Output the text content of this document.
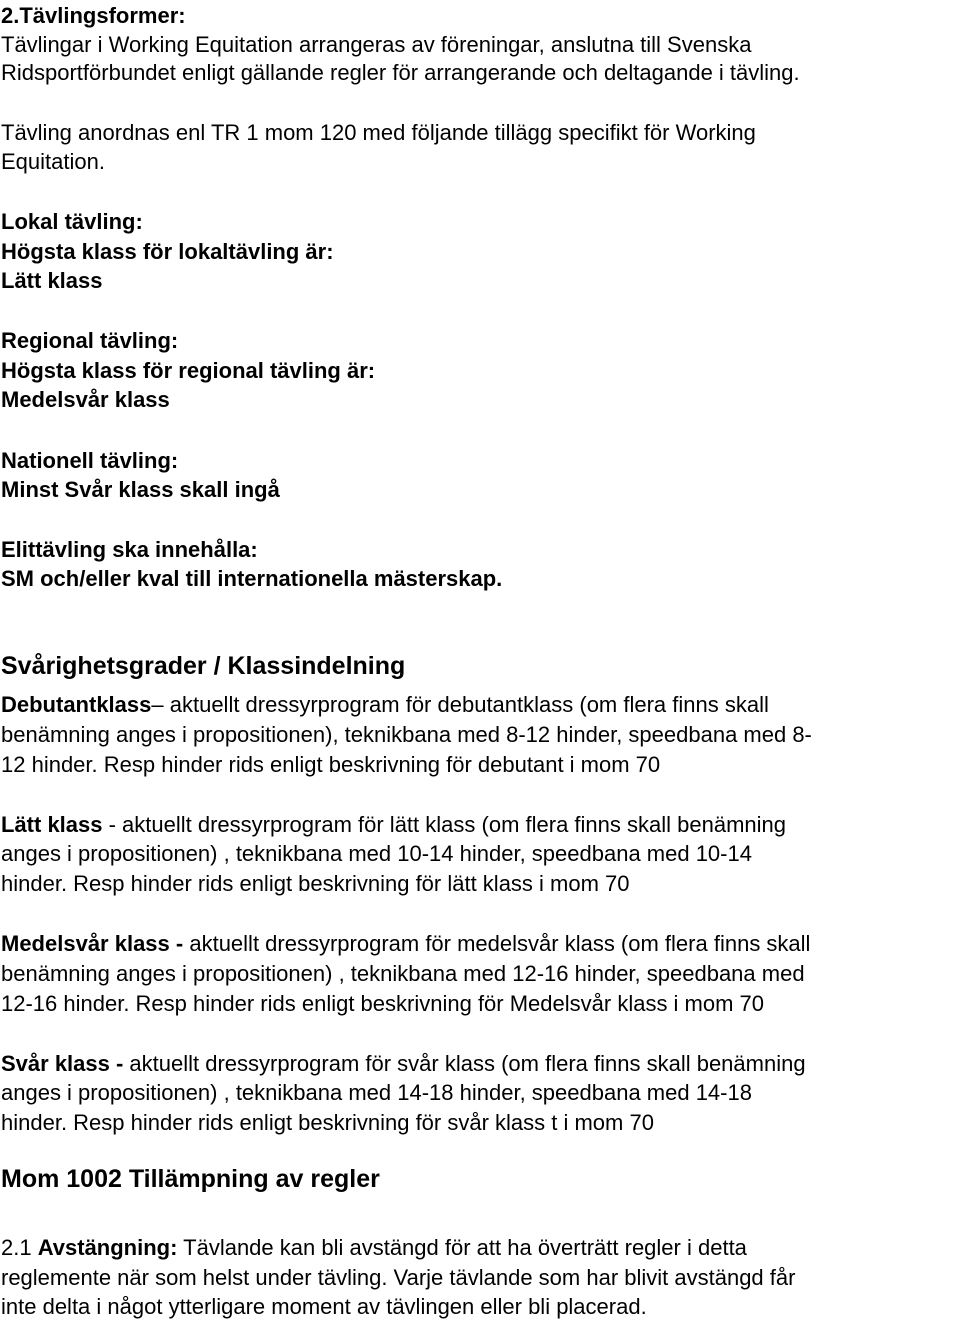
2.Tävlingsformer:
Tävlingar i Working Equitation arrangeras av föreningar, anslutna till Svenska
Ridsportförbundet enligt gällande regler för arrangerande och deltagande i tävling.
Tävling anordnas enl TR 1 mom 120 med följande tillägg specifikt för Working
Equitation.
Lokal tävling:
Högsta klass för lokaltävling är:
Lätt klass
Regional tävling:
Högsta klass för regional tävling är:
Medelsvår klass
Nationell tävling:
Minst Svår klass skall ingå
Elittävling ska innehålla:
SM och/eller kval till internationella mästerskap.
Svårighetsgrader / Klassindelning
Debutantklass– aktuellt dressyrprogram för debutantklass (om flera finns skall
benämning anges i propositionen), teknikbana med 8-12 hinder, speedbana med 8-
12 hinder. Resp hinder rids enligt beskrivning för debutant i mom 70
Lätt klass - aktuellt dressyrprogram för lätt klass (om flera finns skall benämning
anges i propositionen) , teknikbana med 10-14 hinder, speedbana med 10-14
hinder. Resp hinder rids enligt beskrivning för lätt klass i mom 70
Medelsvår klass - aktuellt dressyrprogram för medelsvår klass (om flera finns skall
benämning anges i propositionen) , teknikbana med 12-16 hinder, speedbana med
12-16 hinder. Resp hinder rids enligt beskrivning för Medelsvår klass i mom 70
Svår klass - aktuellt dressyrprogram för svår klass (om flera finns skall benämning
anges i propositionen) , teknikbana med 14-18 hinder, speedbana med 14-18
hinder. Resp hinder rids enligt beskrivning för svår klass t i mom 70
Mom 1002 Tillämpning av regler
2.1 Avstängning: Tävlande kan bli avstängd för att ha överträtt regler i detta
reglemente när som helst under tävling. Varje tävlande som har blivit avstängd får
inte delta i något ytterligare moment av tävlingen eller bli placerad.
